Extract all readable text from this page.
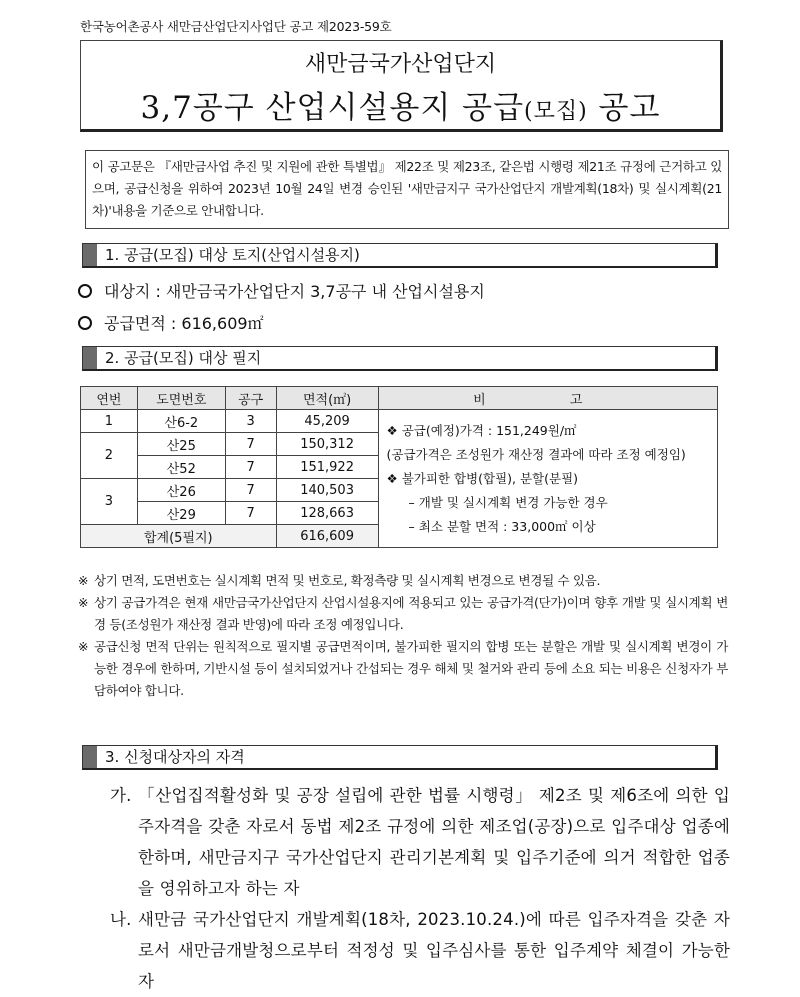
한국농어촌공사 새만금산업단지사업단 공고 제2023-59호
새만금국가산업단지
3,7공구 산업시설용지 공급(모집) 공고
이 공고문은 『새만금사업 추진 및 지원에 관한 특별법』 제22조 및 제23조, 같은법 시행령 제21조 규정에 근거하고 있으며, 공급신청을 위하여 2023년 10월 24일 변경 승인된 '새만금지구 국가산업단지 개발계획(18차) 및 실시계획(21차)'내용을 기준으로 안내합니다.
1. 공급(모집) 대상 토지(산업시설용지)
대상지 : 새만금국가산업단지 3,7공구 내 산업시설용지
공급면적 : 616,609㎡
2. 공급(모집) 대상 필지
연번	도면번호	공구	면적(㎡)	비 고
1	산6-2	3	45,209	❖ 공급(예정)가격 : 151,249원/㎡
(공급가격은 조성원가 재산정 결과에 따라 조정 예정임)
❖ 불가피한 합병(합필), 분할(분필)
– 개발 및 실시계획 변경 가능한 경우
– 최소 분할 면적 : 33,000㎡ 이상

2	산25	7	150,312	
	산52	7	151,922	
3	산26	7	140,503	
	산29	7	128,663	
합계(5필지)			616,609	
※ 상기 면적, 도면번호는 실시계획 면적 및 번호로, 확정측량 및 실시계획 변경으로 변경될 수 있음.
※ 상기 공급가격은 현재 새만금국가산업단지 산업시설용지에 적용되고 있는 공급가격(단가)이며 향후 개발 및 실시계획 변경 등(조성원가 재산정 결과 반영)에 따라 조정 예정입니다.
※ 공급신청 면적 단위는 원칙적으로 필지별 공급면적이며, 불가피한 필지의 합병 또는 분할은 개발 및 실시계획 변경이 가능한 경우에 한하며, 기반시설 등이 설치되었거나 간섭되는 경우 해체 및 철거와 관리 등에 소요 되는 비용은 신청자가 부담하여야 합니다.
3. 신청대상자의 자격
가. 「산업집적활성화 및 공장 설립에 관한 법률 시행령」 제2조 및 제6조에 의한 입주자격을 갖춘 자로서 동법 제2조 규정에 의한 제조업(공장)으로 입주대상 업종에 한하며, 새만금지구 국가산업단지 관리기본계획 및 입주기준에 의거 적합한 업종을 영위하고자 하는 자
나. 새만금 국가산업단지 개발계획(18차, 2023.10.24.)에 따른 입주자격을 갖춘 자로서 새만금개발청으로부터 적정성 및 입주심사를 통한 입주계약 체결이 가능한 자
